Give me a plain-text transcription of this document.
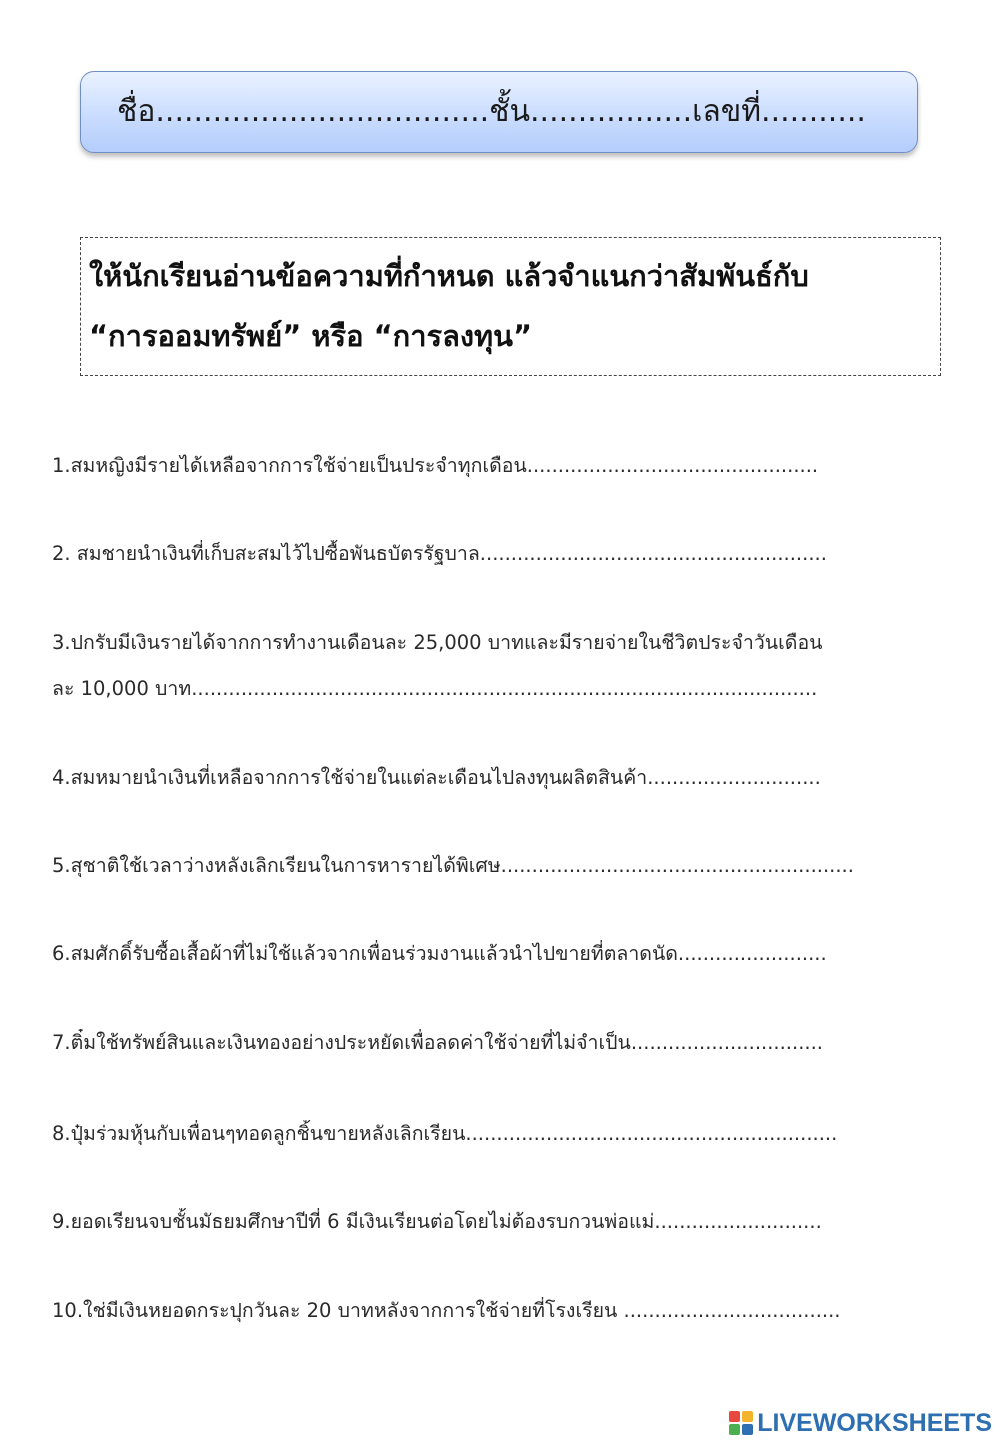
ชื่อ...................................ชั้น.................เลขที่...........
ให้นักเรียนอ่านข้อความที่กำหนด แล้วจำแนกว่าสัมพันธ์กับ
“การออมทรัพย์” หรือ “การลงทุน”
1.สมหญิงมีรายได้เหลือจากการใช้จ่ายเป็นประจำทุกเดือน...............................................
2. สมชายนำเงินที่เก็บสะสมไว้ไปซื้อพันธบัตรรัฐบาล........................................................
3.ปกรับมีเงินรายได้จากการทำงานเดือนละ 25,000 บาทและมีรายจ่ายในชีวิตประจำวันเดือน
ละ 10,000 บาท.....................................................................................................
4.สมหมายนำเงินที่เหลือจากการใช้จ่ายในแต่ละเดือนไปลงทุนผลิตสินค้า............................
5.สุชาติใช้เวลาว่างหลังเลิกเรียนในการหารายได้พิเศษ.........................................................
6.สมศักดิ์รับซื้อเสื้อผ้าที่ไม่ใช้แล้วจากเพื่อนร่วมงานแล้วนำไปขายที่ตลาดนัด........................
7.ติ๋มใช้ทรัพย์สินและเงินทองอย่างประหยัดเพื่อลดค่าใช้จ่ายที่ไม่จำเป็น...............................
8.ปุ๋มร่วมหุ้นกับเพื่อนๆทอดลูกชิ้นขายหลังเลิกเรียน............................................................
9.ยอดเรียนจบชั้นมัธยมศึกษาปีที่ 6 มีเงินเรียนต่อโดยไม่ต้องรบกวนพ่อแม่...........................
10.ใช่มีเงินหยอดกระปุกวันละ 20 บาทหลังจากการใช้จ่ายที่โรงเรียน ...................................
LIVEWORKSHEETS
